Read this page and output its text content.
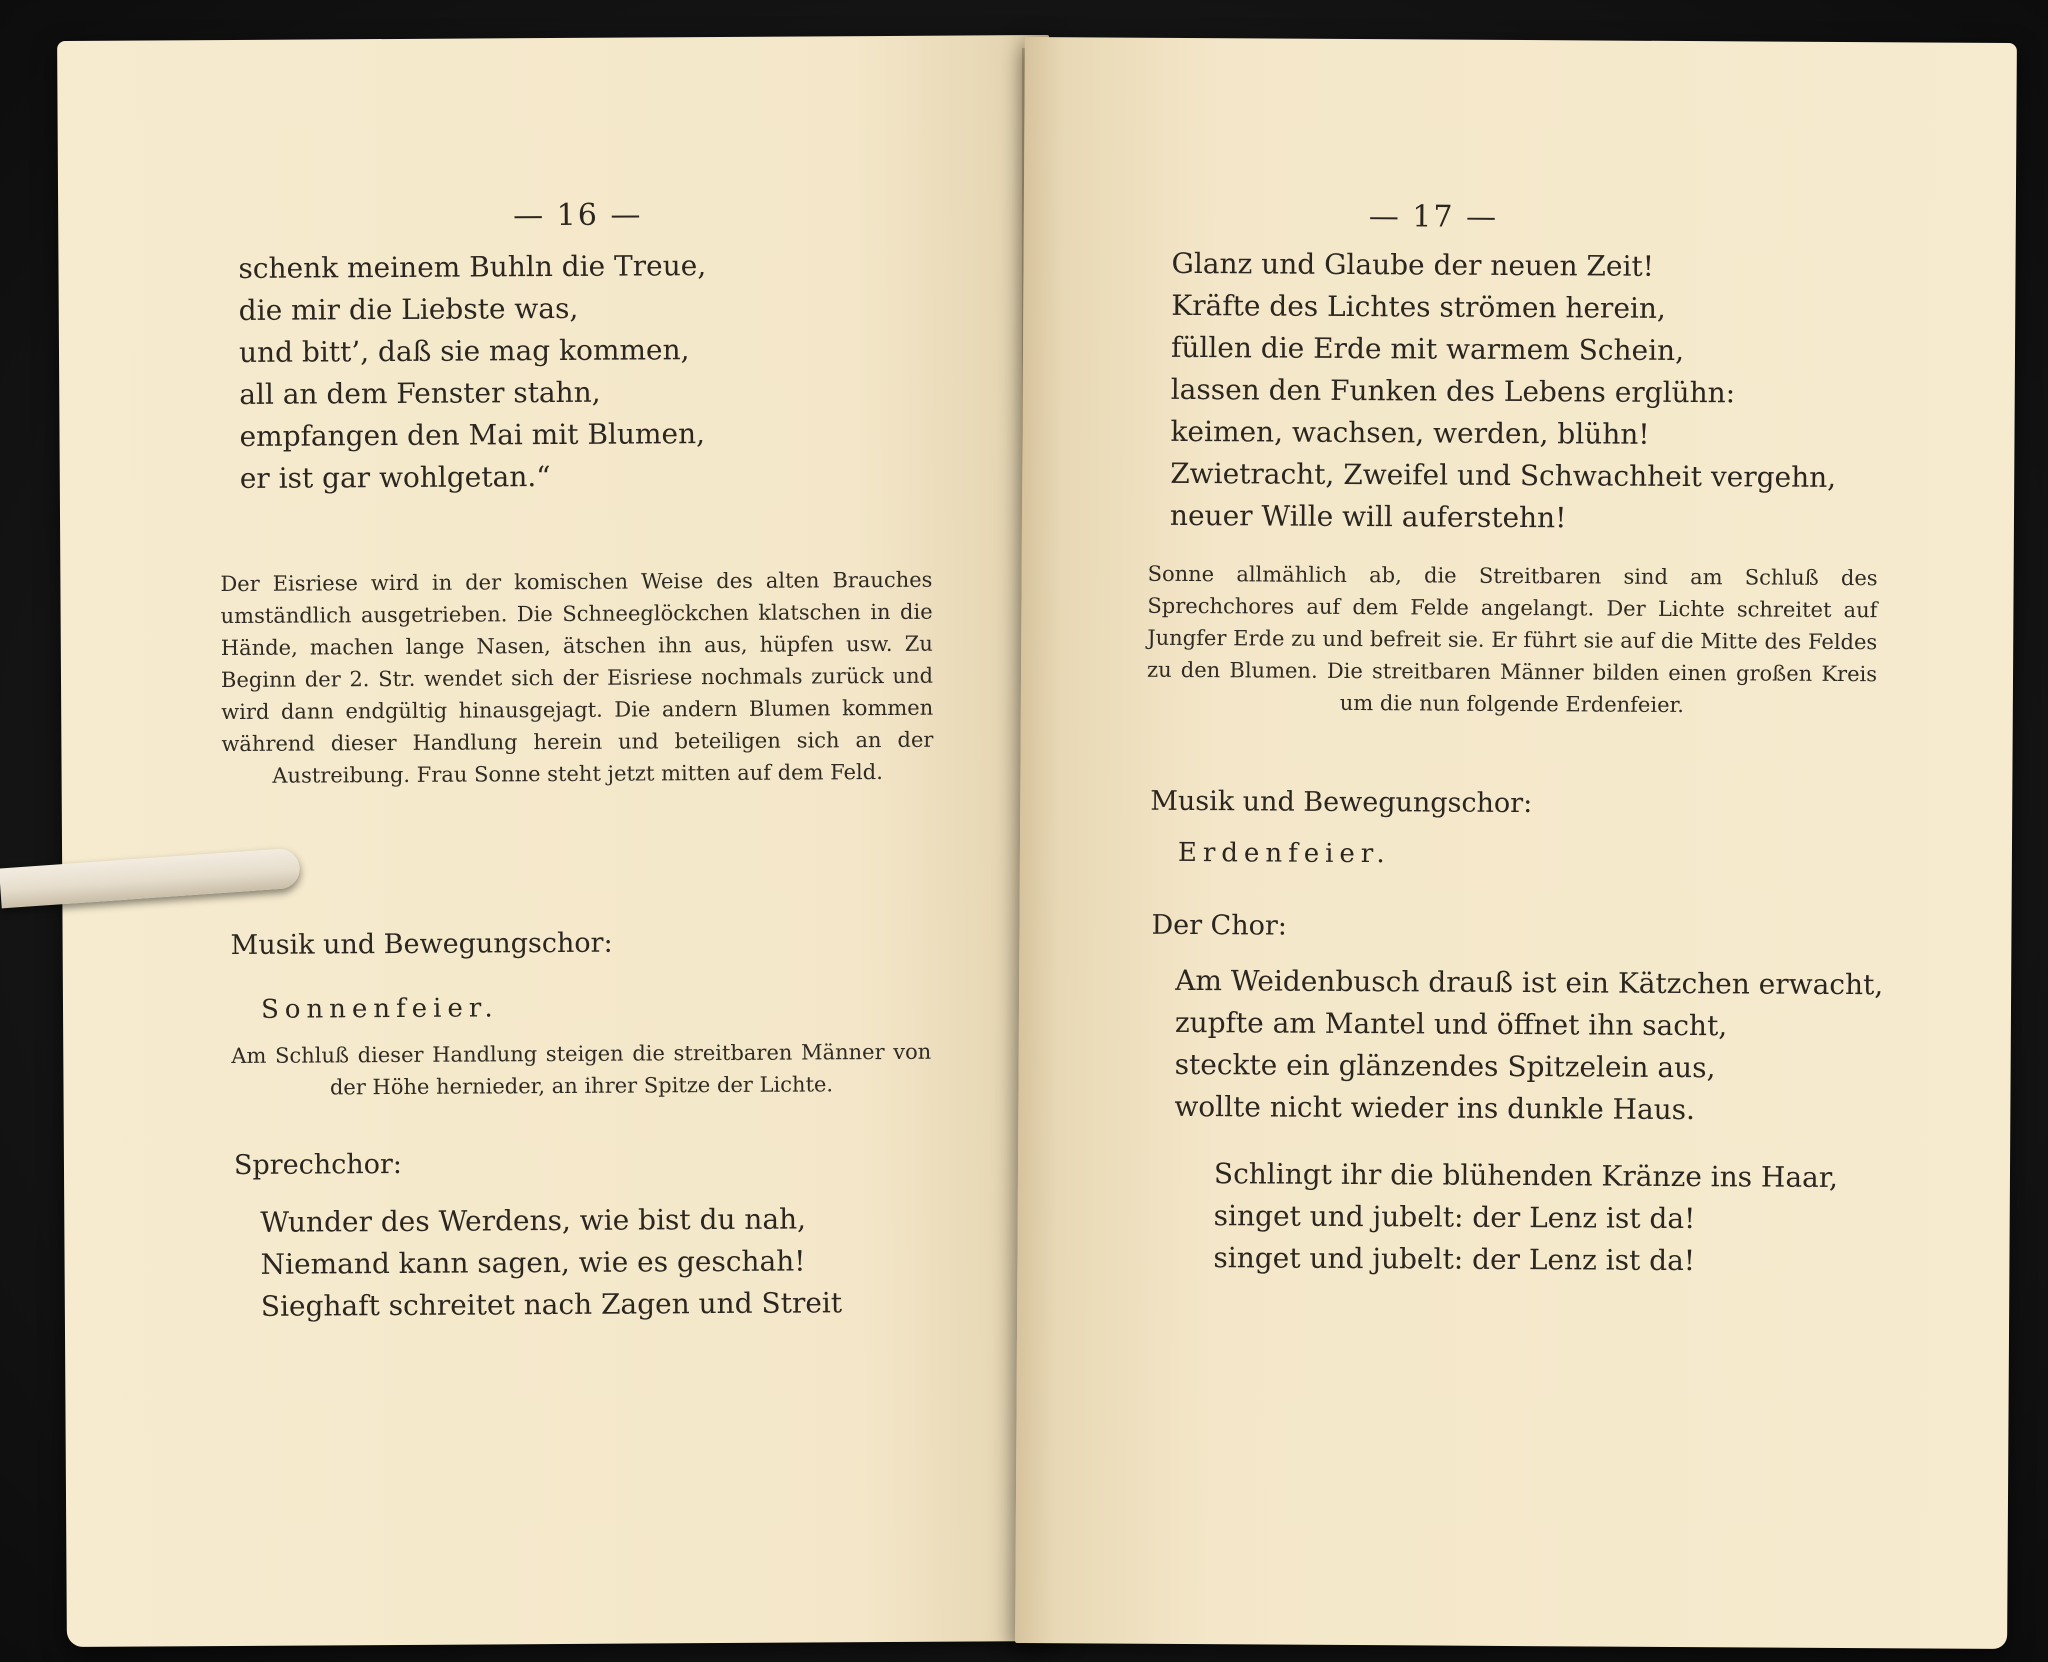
— 16 —
schenk meinem Buhln die Treue,
die mir die Liebste was,
und bitt’, daß sie mag kommen,
all an dem Fenster stahn,
empfangen den Mai mit Blumen,
er ist gar wohlgetan.“

Der Eisriese wird in der komischen Weise des alten Brauches umständlich ausgetrieben. Die Schneeglöckchen klatschen in die Hände, machen lange Nasen, ätschen ihn aus, hüpfen usw. Zu Beginn der 2. Str. wendet sich der Eisriese nochmals zurück und wird dann endgültig hinausgejagt. Die andern Blumen kommen während dieser Handlung herein und beteiligen sich an der Austreibung. Frau Sonne steht jetzt mitten auf dem Feld.

Musik und Bewegungschor:
Sonnenfeier.

Am Schluß dieser Handlung steigen die streitbaren Männer von der Höhe hernieder, an ihrer Spitze der Lichte.

Sprechchor:
Wunder des Werdens, wie bist du nah,
Niemand kann sagen, wie es geschah!
Sieghaft schreitet nach Zagen und Streit
— 17 —
Glanz und Glaube der neuen Zeit!
Kräfte des Lichtes strömen herein,
füllen die Erde mit warmem Schein,
lassen den Funken des Lebens erglühn:
keimen, wachsen, werden, blühn!
Zwietracht, Zweifel und Schwachheit vergehn,
neuer Wille will auferstehn!

Sonne allmählich ab, die Streitbaren sind am Schluß des Sprechchores auf dem Felde angelangt. Der Lichte schreitet auf Jungfer Erde zu und befreit sie. Er führt sie auf die Mitte des Feldes zu den Blumen. Die streitbaren Männer bilden einen großen Kreis um die nun folgende Erdenfeier.

Musik und Bewegungschor:
Erdenfeier.
Der Chor:
Am Weidenbusch drauß ist ein Kätzchen erwacht,
zupfte am Mantel und öffnet ihn sacht,
steckte ein glänzendes Spitzelein aus,
wollte nicht wieder ins dunkle Haus.
Schlingt ihr die blühenden Kränze ins Haar,
singet und jubelt: der Lenz ist da!
singet und jubelt: der Lenz ist da!
